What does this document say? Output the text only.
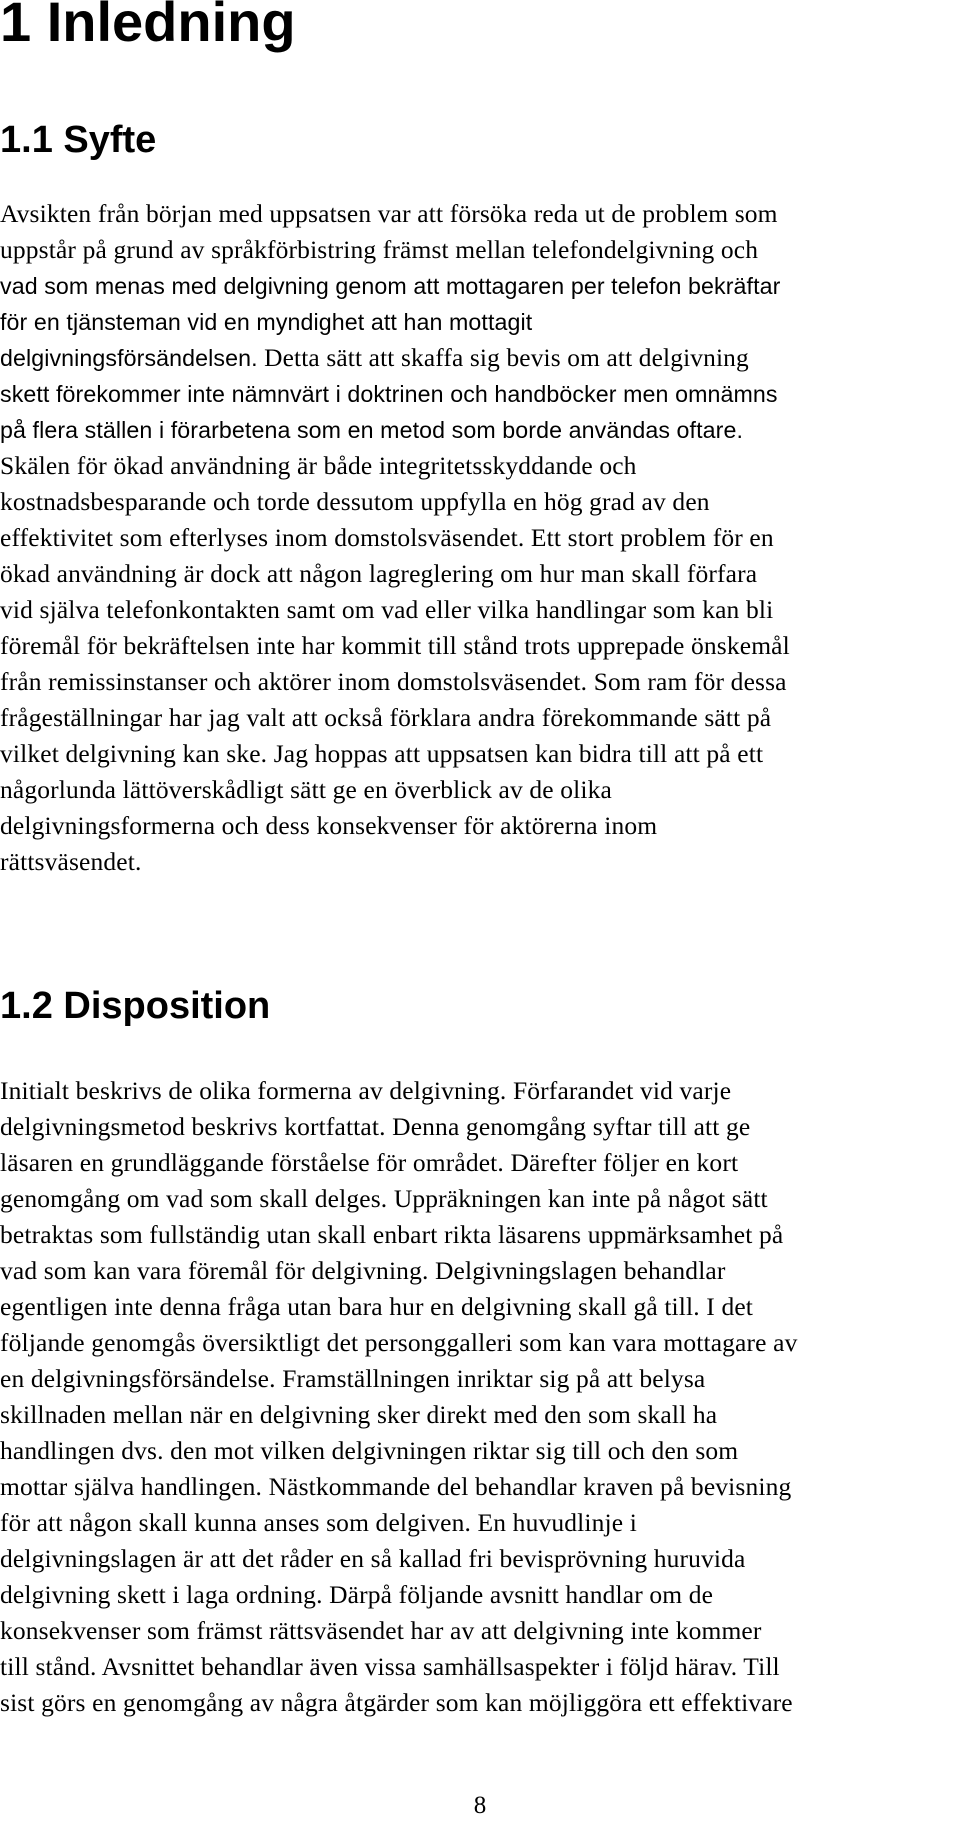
1 Inledning
1.1 Syfte
Avsikten från början med uppsatsen var att försöka reda ut de problem som
uppstår på grund av språkförbistring främst mellan telefondelgivning och
vad som menas med delgivning genom att mottagaren per telefon bekräftar
för en tjänsteman vid en myndighet att han mottagit
delgivningsförsändelsen. Detta sätt att skaffa sig bevis om att delgivning
skett förekommer inte nämnvärt i doktrinen och handböcker men omnämns
på flera ställen i förarbetena som en metod som borde användas oftare.
Skälen för ökad användning är både integritetsskyddande och
kostnadsbesparande och torde dessutom uppfylla en hög grad av den
effektivitet som efterlyses inom domstolsväsendet. Ett stort problem för en
ökad användning är dock att någon lagreglering om hur man skall förfara
vid själva telefonkontakten samt om vad eller vilka handlingar som kan bli
föremål för bekräftelsen inte har kommit till stånd trots upprepade önskemål
från remissinstanser och aktörer inom domstolsväsendet. Som ram för dessa
frågeställningar har jag valt att också förklara andra förekommande sätt på
vilket delgivning kan ske. Jag hoppas att uppsatsen kan bidra till att på ett
någorlunda lättöverskådligt sätt ge en överblick av de olika
delgivningsformerna och dess konsekvenser för aktörerna inom
rättsväsendet.
1.2 Disposition
Initialt beskrivs de olika formerna av delgivning. Förfarandet vid varje
delgivningsmetod beskrivs kortfattat. Denna genomgång syftar till att ge
läsaren en grundläggande förståelse för området. Därefter följer en kort
genomgång om vad som skall delges. Uppräkningen kan inte på något sätt
betraktas som fullständig utan skall enbart rikta läsarens uppmärksamhet på
vad som kan vara föremål för delgivning. Delgivningslagen behandlar
egentligen inte denna fråga utan bara hur en delgivning skall gå till. I det
följande genomgås översiktligt det personggalleri som kan vara mottagare av
en delgivningsförsändelse. Framställningen inriktar sig på att belysa
skillnaden mellan när en delgivning sker direkt med den som skall ha
handlingen dvs. den mot vilken delgivningen riktar sig till och den som
mottar själva handlingen. Nästkommande del behandlar kraven på bevisning
för att någon skall kunna anses som delgiven. En huvudlinje i
delgivningslagen är att det råder en så kallad fri bevisprövning huruvida
delgivning skett i laga ordning. Därpå följande avsnitt handlar om de
konsekvenser som främst rättsväsendet har av att delgivning inte kommer
till stånd. Avsnittet behandlar även vissa samhällsaspekter i följd härav. Till
sist görs en genomgång av några åtgärder som kan möjliggöra ett effektivare
8
